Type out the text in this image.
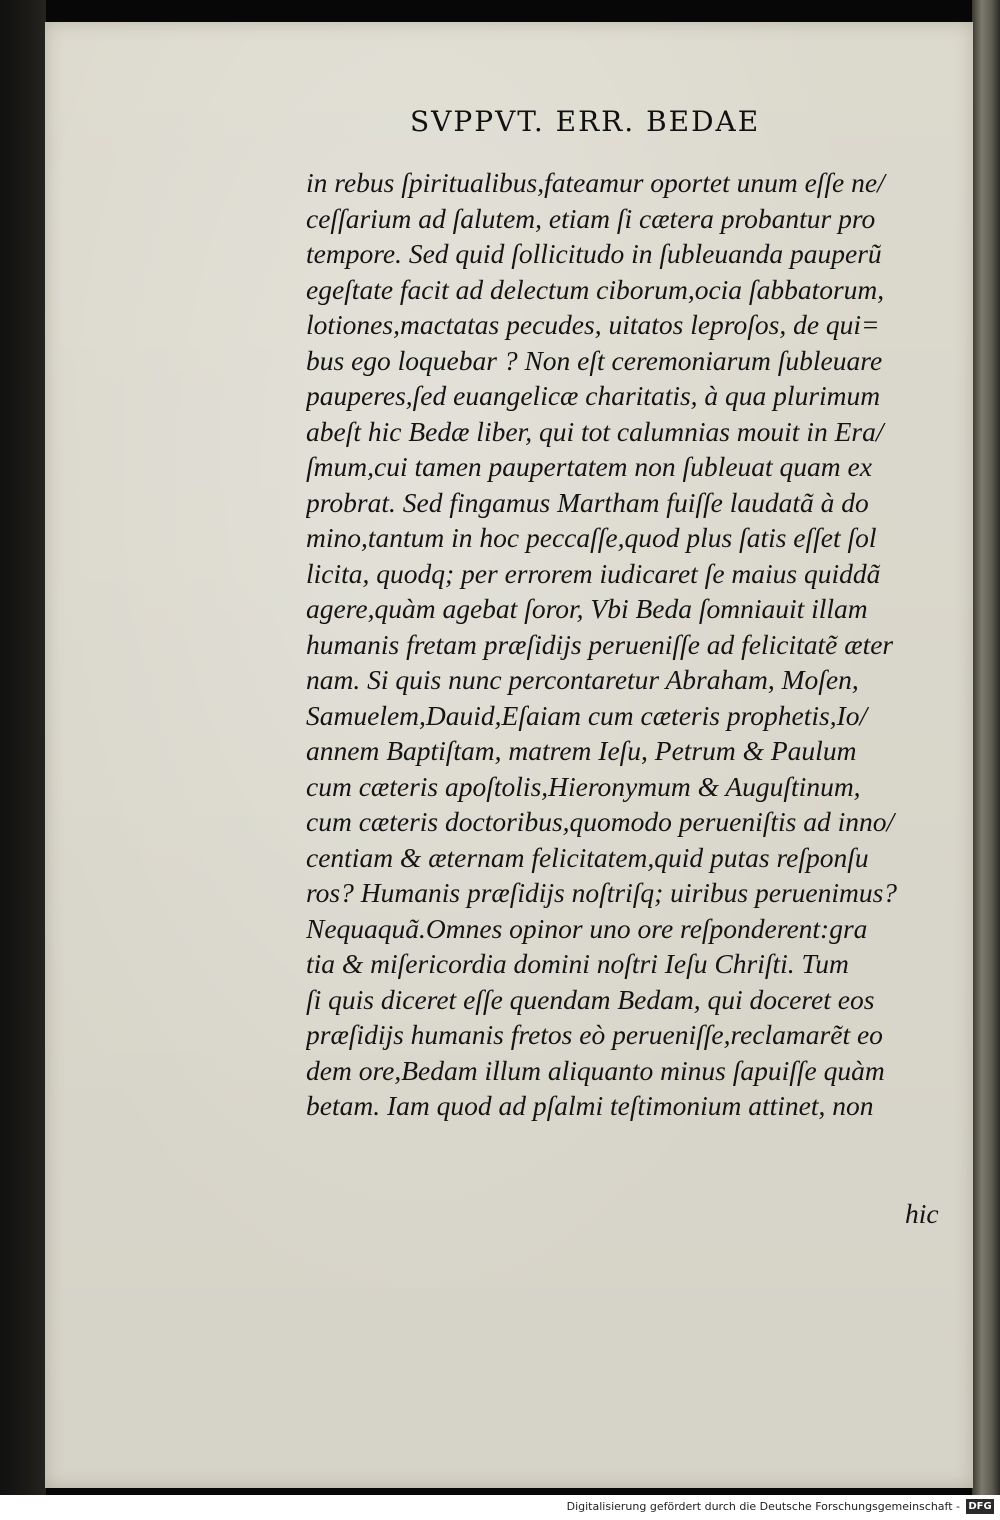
SVPPVT. ERR. BEDAE
in rebus ſpiritualibus,fateamur oportet unum eſſe ne/
ceſſarium ad ſalutem, etiam ſi cætera probantur pro
tempore. Sed quid ſollicitudo in ſubleuanda pauperũ
egeſtate facit ad delectum ciborum,ocia ſabbatorum,
lotiones,mactatas pecudes, uitatos leproſos, de qui=
bus ego loquebar ? Non eſt ceremoniarum ſubleuare
pauperes,ſed euangelicæ charitatis, à qua plurimum
abeſt hic Bedæ liber, qui tot calumnias mouit in Era/
ſmum,cui tamen paupertatem non ſubleuat quam ex
probrat. Sed fingamus Martham fuiſſe laudatã à do
mino,tantum in hoc peccaſſe,quod plus ſatis eſſet ſol
licita, quodq; per errorem iudicaret ſe maius quiddã
agere,quàm agebat ſoror, Vbi Beda ſomniauit illam
humanis fretam præſidijs perueniſſe ad felicitatẽ æter
nam. Si quis nunc percontaretur Abraham, Moſen,
Samuelem,Dauid,Eſaiam cum cæteris prophetis,Io/
annem Baptiſtam, matrem Ieſu, Petrum & Paulum
cum cæteris apoſtolis,Hieronymum & Auguſtinum,
cum cæteris doctoribus,quomodo perueniſtis ad inno/
centiam & æternam felicitatem,quid putas reſponſu
ros? Humanis præſidijs noſtriſq; uiribus peruenimus?
Nequaquã.Omnes opinor uno ore reſponderent:gra
tia & miſericordia domini noſtri Ieſu Chriſti. Tum
ſi quis diceret eſſe quendam Bedam, qui doceret eos
præſidijs humanis fretos eò perueniſſe,reclamarẽt eo
dem ore,Bedam illum aliquanto minus ſapuiſſe quàm
betam. Iam quod ad pſalmi teſtimonium attinet, non
hic
Digitalisierung gefördert durch die Deutsche Forschungsgemeinschaft - DFG
